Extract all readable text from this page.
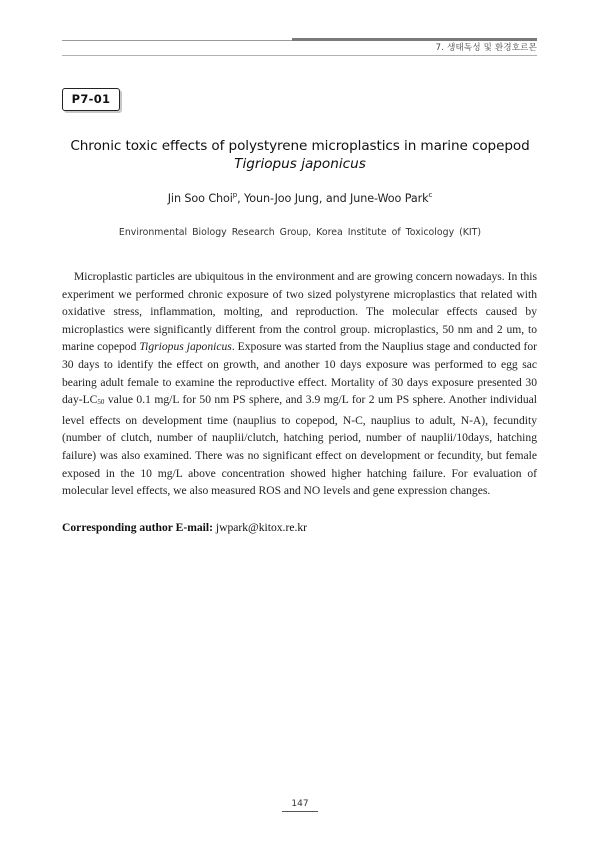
7. 생태독성 및 환경호르몬
P7-01
Chronic toxic effects of polystyrene microplastics in marine copepod
Tigriopus japonicus
Jin Soo Choi$^p$, Youn-Joo Jung, and June-Woo Park$^c$
Environmental Biology Research Group, Korea Institute of Toxicology (KIT)

Microplastic particles are ubiquitous in the environment and are growing concern nowadays. In this experiment we performed chronic exposure of two sized polystyrene microplastics that related with oxidative stress, inflammation, molting, and reproduction. The molecular effects caused by microplastics were significantly different from the control group. microplastics, 50 nm and 2 um, to marine copepod Tigriopus japonicus. Exposure was started from the Nauplius stage and conducted for 30 days to identify the effect on growth, and another 10 days exposure was performed to egg sac bearing adult female to examine the reproductive effect. Mortality of 30 days exposure presented 30 day-$LC_{50}$ value 0.1 mg/L for 50 nm PS sphere, and 3.9 mg/L for 2 um PS sphere. Another individual level effects on development time (nauplius to copepod, N-C, nauplius to adult, N-A), fecundity (number of clutch, number of nauplii/clutch, hatching period, number of nauplii/10days, hatching failure) was also examined. There was no significant effect on development or fecundity, but female exposed in the 10 mg/L above concentration showed higher hatching failure. For evaluation of molecular level effects, we also measured ROS and NO levels and gene expression changes.

Corresponding author E-mail: jwpark@kitox.re.kr
147
